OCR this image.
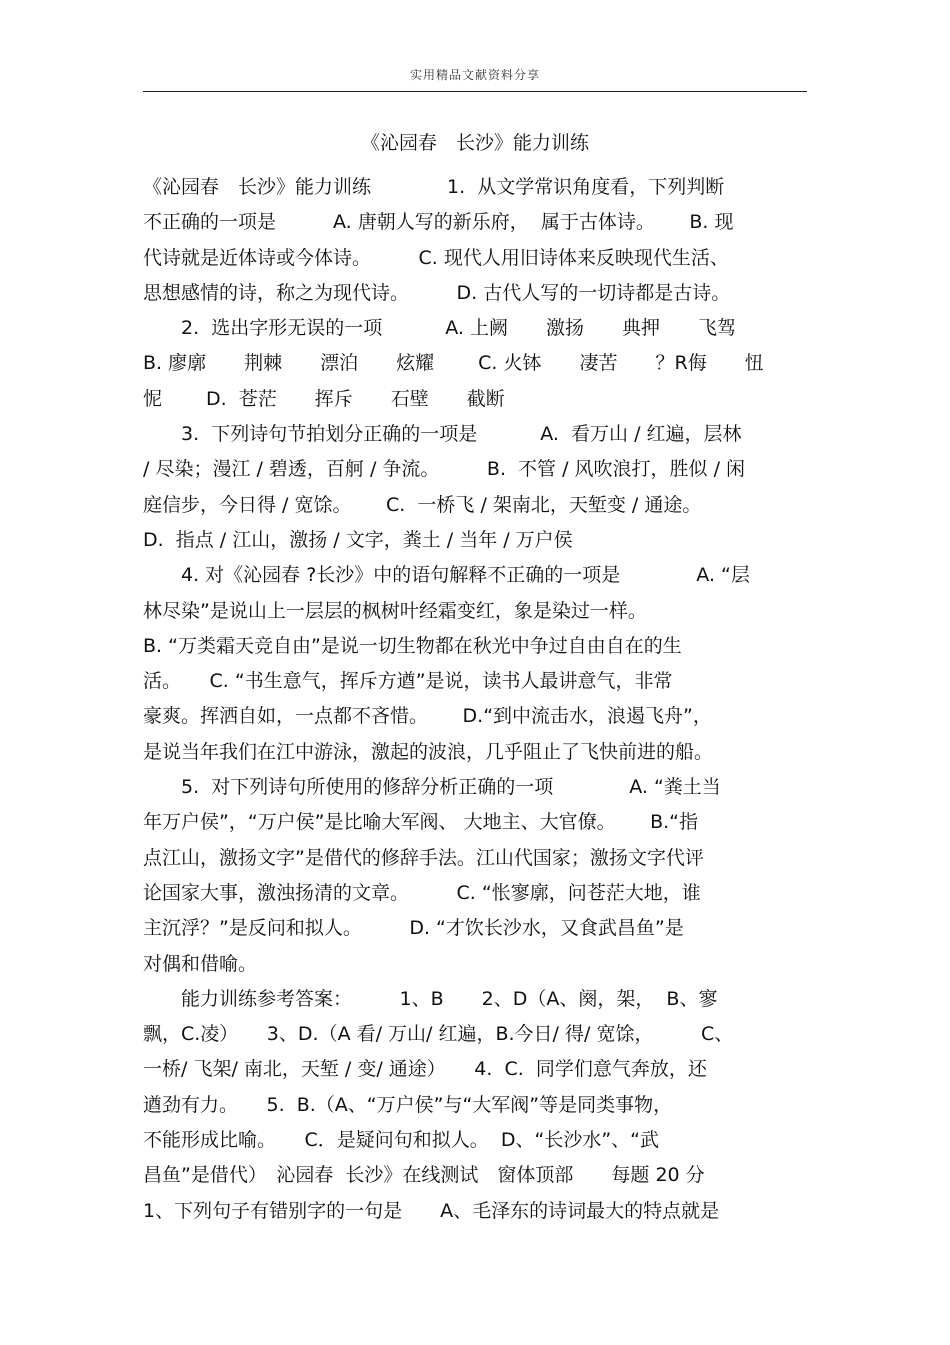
实用精品文献资料分享
《沁园春　长沙》能力训练
《沁园春　长沙》能力训练　　　　1.  从文学常识角度看，下列判断
不正确的一项是　　　A. 唐朝人写的新乐府，  属于古体诗。　　 B. 现
代诗就是近体诗或今体诗。　　　C. 现代人用旧诗体来反映现代生活、
思想感情的诗，称之为现代诗。　　　D. 古代人写的一切诗都是古诗。
　　2.  选出字形无误的一项　　　 A. 上阙　　激扬　　典押　　飞驾
B. 廖廓　　荆棘　　漂泊　　炫耀　　 C. 火钵　　凄苦　　？R侮　　忸
怩　　 D.  苍茫　　挥斥　　石壁　　截断
　　3.  下列诗句节拍划分正确的一项是　　　 A.  看万山 / 红遍，层林
/ 尽染；漫江 / 碧透，百舸 / 争流。　　　B.  不管 / 风吹浪打，胜似 / 闲
庭信步，今日得 / 宽馀。　　 C.  一桥飞 / 架南北，天堑变 / 通途。
D.  指点 / 江山，激扬 / 文字，粪土 / 当年 / 万户侯
　　4. 对《沁园春 ?长沙》中的语句解释不正确的一项是　　　　A. “层
林尽染”是说山上一层层的枫树叶经霜变红，象是染过一样。
B. “万类霜天竞自由”是说一切生物都在秋光中争过自由自在的生
活。　　C. “书生意气，挥斥方遒”是说，读书人最讲意气，非常
豪爽。挥洒自如，一点都不吝惜。　　 D.“到中流击水，浪遏飞舟”，
是说当年我们在江中游泳，激起的波浪，几乎阻止了飞快前进的船。
　　5.  对下列诗句所使用的修辞分析正确的一项　　　　A. “粪土当
年万户侯”，“万户侯”是比喻大军阀、 大地主、大官僚。　　 B.“指
点江山，激扬文字”是借代的修辞手法。江山代国家；激扬文字代评
论国家大事，激浊扬清的文章。　　　C. “怅寥廓，问苍茫大地，谁
主沉浮？”是反问和拟人。　　　D. “才饮长沙水，又食武昌鱼”是
对偶和借喻。
　　能力训练参考答案：　　　1、B　　2、D（A、阕，架，  B、寥
飘，C.凌）　　3、D.（A 看/ 万山/ 红遍，B.今日/ 得/ 宽馀，　　　C、
一桥/ 飞架/ 南北，天堑 / 变/ 通途）　　4.  C.  同学们意气奔放，还
遒劲有力。　　5.  B.（A、“万户侯”与“大军阀”等是同类事物，
不能形成比喻。　　C．是疑问句和拟人。  D、“长沙水”、“武
昌鱼”是借代）　沁园春  长沙》在线测试　窗体顶部　　每题 20 分
1、下列句子有错别字的一句是　　A、毛泽东的诗词最大的特点就是
